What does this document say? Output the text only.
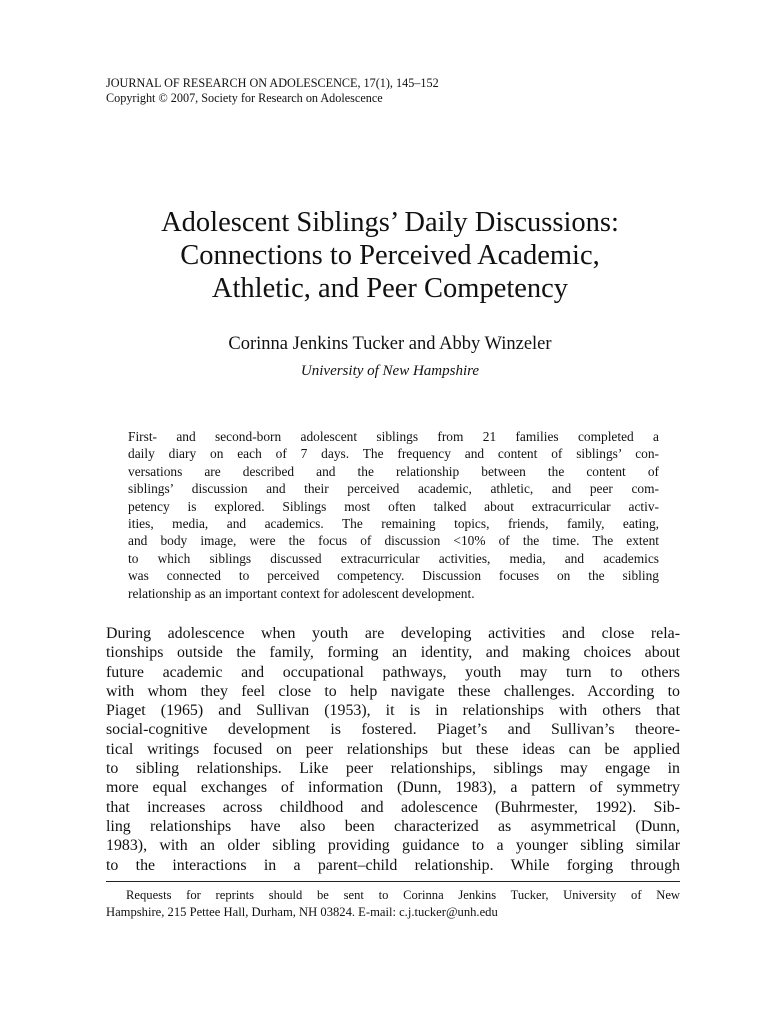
JOURNAL OF RESEARCH ON ADOLESCENCE, 17(1), 145–152
Copyright © 2007, Society for Research on Adolescence
Adolescent Siblings’ Daily Discussions:
Connections to Perceived Academic,
Athletic, and Peer Competency
Corinna Jenkins Tucker and Abby Winzeler
University of New Hampshire
First- and second-born adolescent siblings from 21 families completed a
daily diary on each of 7 days. The frequency and content of siblings’ con-
versations are described and the relationship between the content of
siblings’ discussion and their perceived academic, athletic, and peer com-
petency is explored. Siblings most often talked about extracurricular activ-
ities, media, and academics. The remaining topics, friends, family, eating,
and body image, were the focus of discussion <10% of the time. The extent
to which siblings discussed extracurricular activities, media, and academics
was connected to perceived competency. Discussion focuses on the sibling
relationship as an important context for adolescent development.
During adolescence when youth are developing activities and close rela-
tionships outside the family, forming an identity, and making choices about
future academic and occupational pathways, youth may turn to others
with whom they feel close to help navigate these challenges. According to
Piaget (1965) and Sullivan (1953), it is in relationships with others that
social-cognitive development is fostered. Piaget’s and Sullivan’s theore-
tical writings focused on peer relationships but these ideas can be applied
to sibling relationships. Like peer relationships, siblings may engage in
more equal exchanges of information (Dunn, 1983), a pattern of symmetry
that increases across childhood and adolescence (Buhrmester, 1992). Sib-
ling relationships have also been characterized as asymmetrical (Dunn,
1983), with an older sibling providing guidance to a younger sibling similar
to the interactions in a parent–child relationship. While forging through
Requests for reprints should be sent to Corinna Jenkins Tucker, University of New
Hampshire, 215 Pettee Hall, Durham, NH 03824. E-mail: c.j.tucker@unh.edu
